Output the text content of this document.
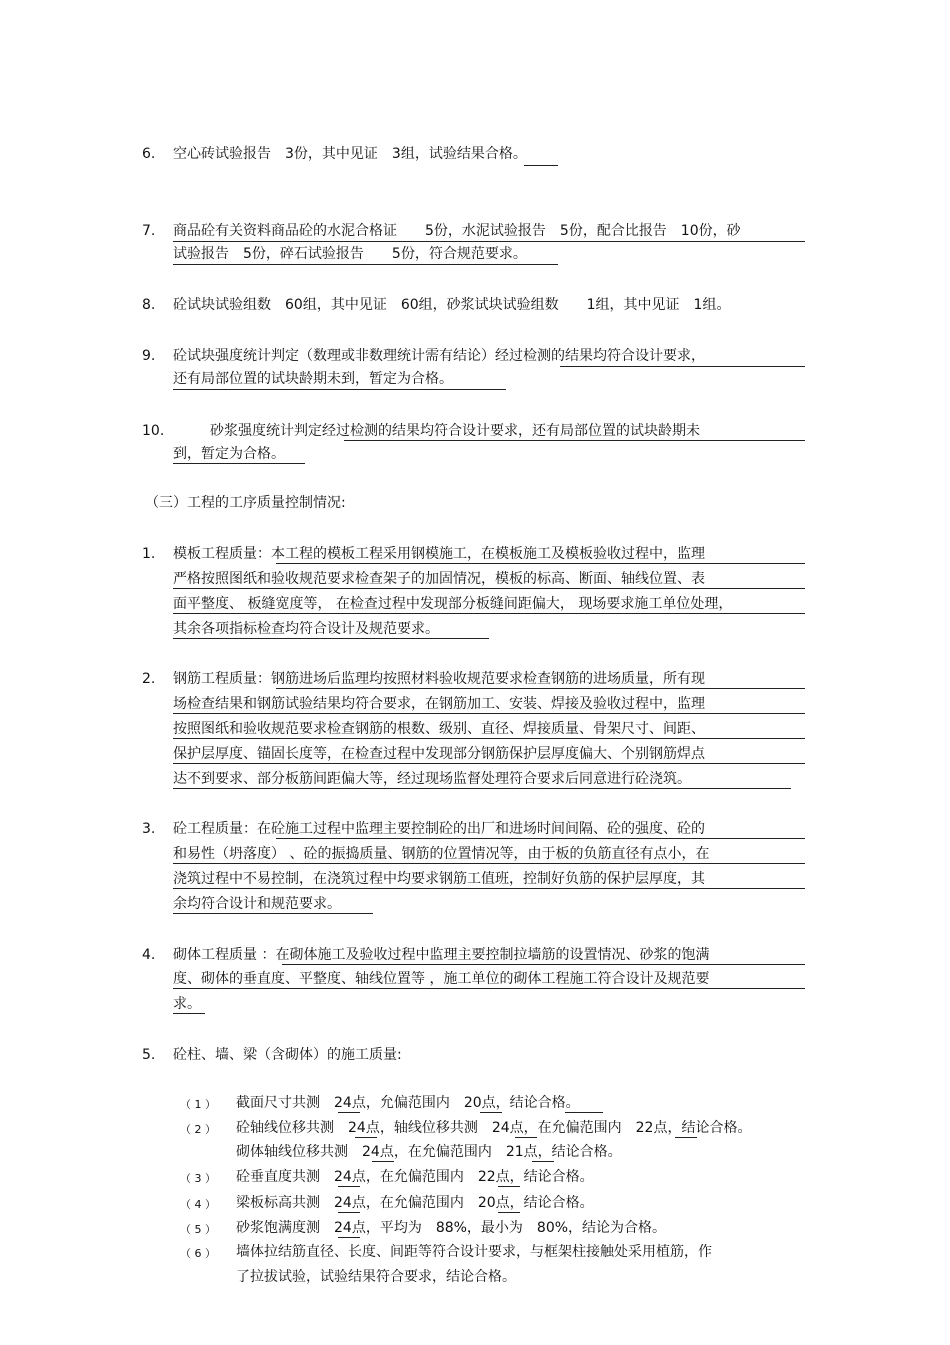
6. 空心砖试验报告　3份，其中见证　3组，试验结果合格。
7. 商品砼有关资料商品砼的水泥合格证　　5份，水泥试验报告　5份，配合比报告　10份，砂
试验报告　5份，碎石试验报告　　5份，符合规范要求。
8. 砼试块试验组数　60组，其中见证　60组，砂浆试块试验组数　　1组，其中见证　1组。
9. 砼试块强度统计判定（数理或非数理统计需有结论）经过检测的结果均符合设计要求，
还有局部位置的试块龄期未到，暂定为合格。
10.	砂浆强度统计判定经过检测的结果均符合设计要求，还有局部位置的试块龄期未
到，暂定为合格。
（三）工程的工序质量控制情况:
1. 模板工程质量：本工程的模板工程采用钢模施工，在模板施工及模板验收过程中，监理
严格按照图纸和验收规范要求检查架子的加固情况，模板的标高、断面、轴线位置、表
面平整度、 板缝宽度等， 在检查过程中发现部分板缝间距偏大， 现场要求施工单位处理，
其余各项指标检查均符合设计及规范要求。
2. 钢筋工程质量：钢筋进场后监理均按照材料验收规范要求检查钢筋的进场质量，所有现
场检查结果和钢筋试验结果均符合要求，在钢筋加工、安装、焊接及验收过程中，监理
按照图纸和验收规范要求检查钢筋的根数、级别、直径、焊接质量、骨架尺寸、间距、
保护层厚度、锚固长度等，在检查过程中发现部分钢筋保护层厚度偏大、个别钢筋焊点
达不到要求、部分板筋间距偏大等，经过现场监督处理符合要求后同意进行砼浇筑。
3. 砼工程质量：在砼施工过程中监理主要控制砼的出厂和进场时间间隔、砼的强度、砼的
和易性（坍落度） 、砼的振捣质量、钢筋的位置情况等，由于板的负筋直径有点小，在
浇筑过程中不易控制，在浇筑过程中均要求钢筋工值班，控制好负筋的保护层厚度，其
余均符合设计和规范要求。
4. 砌体工程质量 ：在砌体施工及验收过程中监理主要控制拉墙筋的设置情况、砂浆的饱满
度、砌体的垂直度、平整度、轴线位置等 ，施工单位的砌体工程施工符合设计及规范要
求。
5. 砼柱、墙、梁（含砌体）的施工质量:
（ 1 ） 截面尺寸共测　24点，允偏范围内　20点，结论合格。
（ 2 ） 砼轴线位移共测　24点，轴线位移共测　24点，在允偏范围内　22点，结论合格。
砌体轴线位移共测　24点，在允偏范围内　21点，结论合格。
（ 3 ） 砼垂直度共测　24点，在允偏范围内　22点，结论合格。
（ 4 ） 梁板标高共测　24点，在允偏范围内　20点，结论合格。
（ 5 ） 砂浆饱满度测　24点，平均为　88%，最小为　80%，结论为合格。
（ 6 ） 墙体拉结筋直径、长度、间距等符合设计要求，与框架柱接触处采用植筋，作
了拉拔试验，试验结果符合要求，结论合格。
